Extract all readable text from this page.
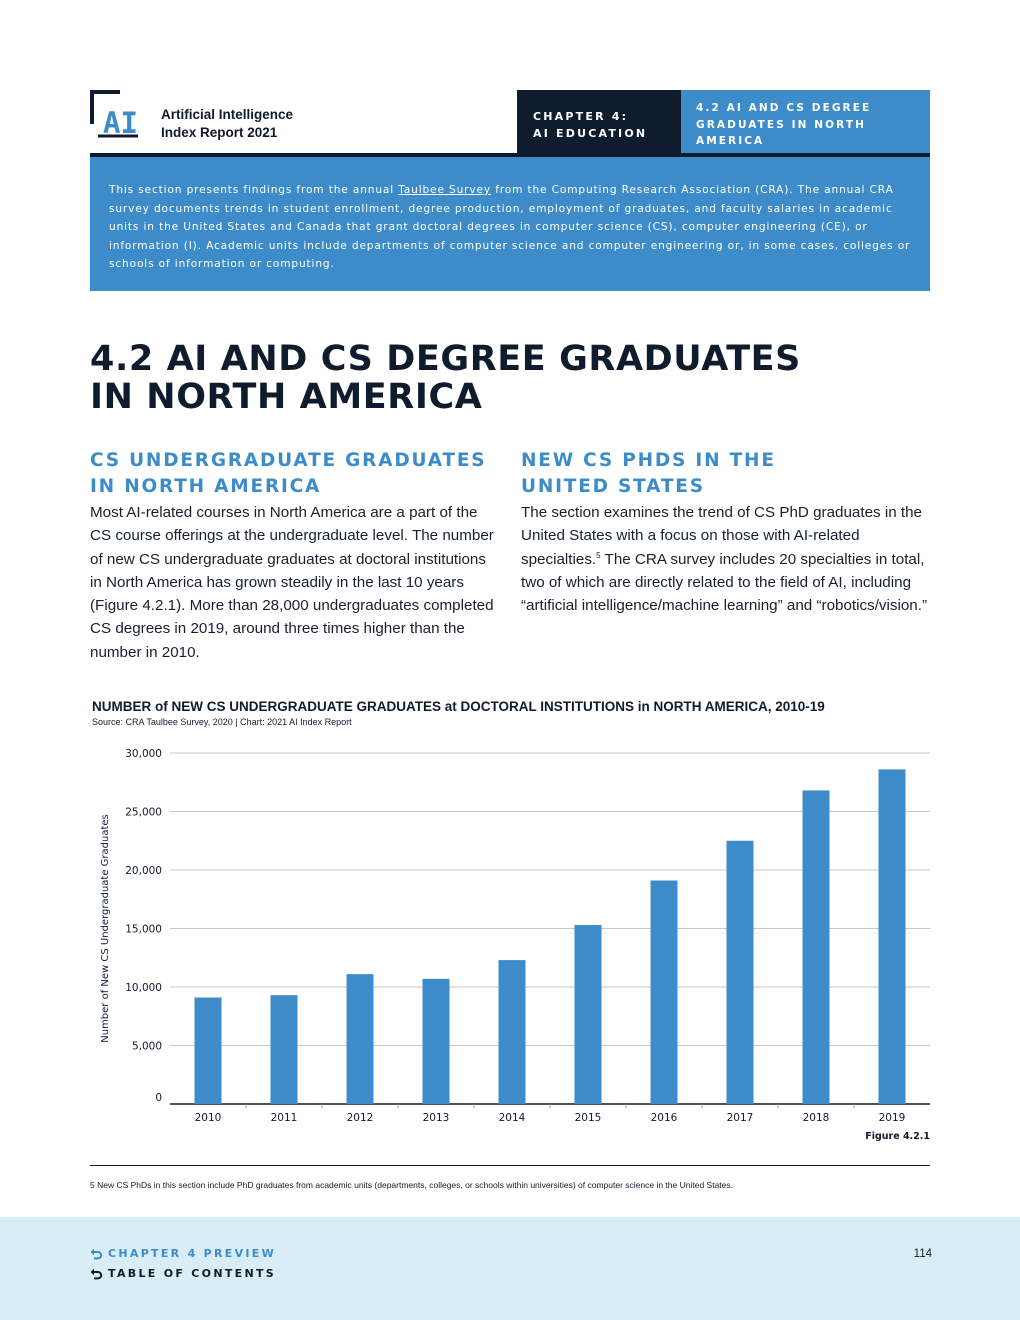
AI Artificial Intelligence
Index Report 2021
CHAPTER 4:
AI EDUCATION
4.2 AI AND CS DEGREE
GRADUATES IN NORTH
AMERICA
This section presents findings from the annual Taulbee Survey from the Computing Research Association (CRA). The annual CRA survey documents trends in student enrollment, degree production, employment of graduates, and faculty salaries in academic units in the United States and Canada that grant doctoral degrees in computer science (CS), computer engineering (CE), or information (I). Academic units include departments of computer science and computer engineering or, in some cases, colleges or schools of information or computing.
4.2 AI AND CS DEGREE GRADUATES
IN NORTH AMERICA
CS UNDERGRADUATE GRADUATES
IN NORTH AMERICA

Most AI-related courses in North America are a part of the CS course offerings at the undergraduate level. The number of new CS undergraduate graduates at doctoral institutions in North America has grown steadily in the last 10 years (Figure 4.2.1). More than 28,000 undergraduates completed CS degrees in 2019, around three times higher than the number in 2010.

NEW CS PHDS IN THE
UNITED STATES

The section examines the trend of CS PhD graduates in the United States with a focus on those with AI-related specialties.$^5$ The CRA survey includes 20 specialties in total, two of which are directly related to the field of AI, including “artificial intelligence/machine learning” and “robotics/vision.”

NUMBER of NEW CS UNDERGRADUATE GRADUATES at DOCTORAL INSTITUTIONS in NORTH AMERICA, 2010-19
Source: CRA Taulbee Survey, 2020 | Chart: 2021 AI Index Report
0
5,000
10,000
15,000
20,000
25,000
30,000
Number of New CS Undergraduate Graduates
2010	2011	2012	2013	2014	2015	2016	2017	2018	2019
Figure 4.2.1
5 New CS PhDs in this section include PhD graduates from academic units (departments, colleges, or schools within universities) of computer science in the United States.
CHAPTER 4 PREVIEW
TABLE OF CONTENTS
114
